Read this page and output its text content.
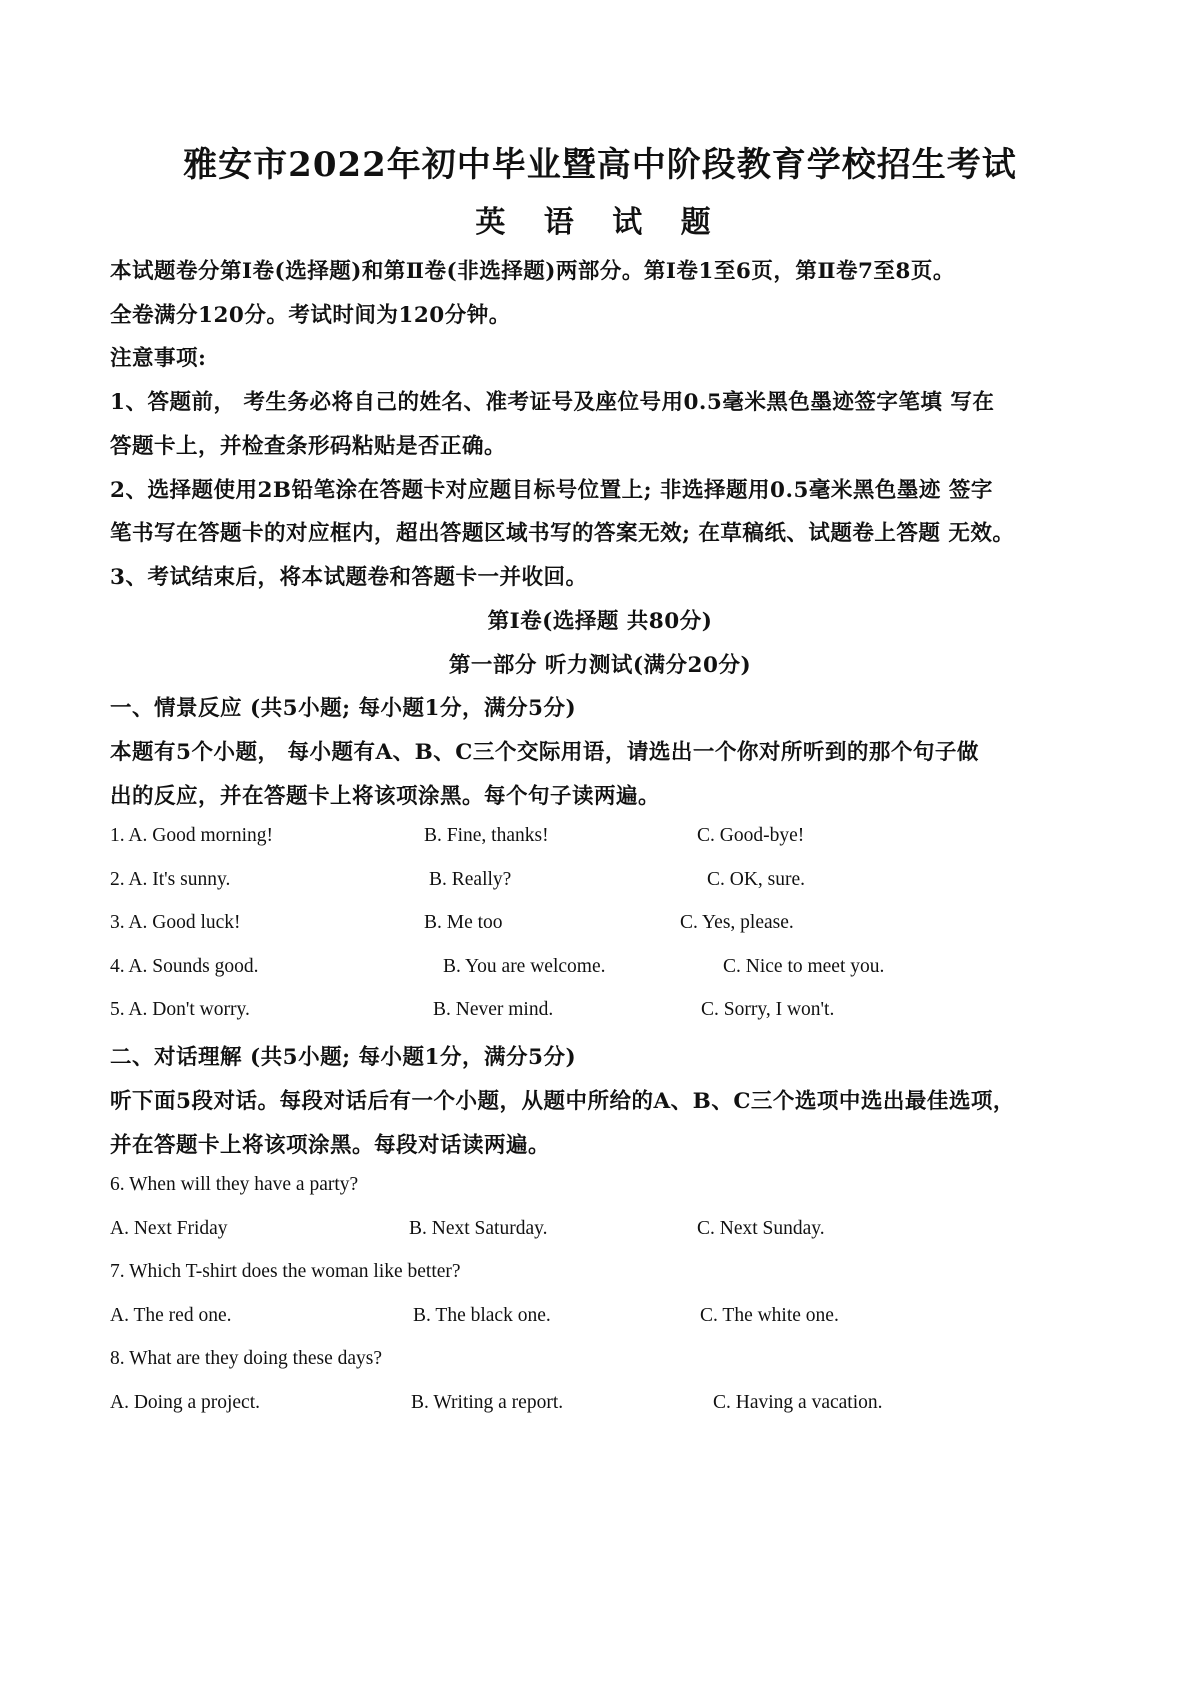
雅安市2022年初中毕业暨高中阶段教育学校招生考试
英 语 试 题
本试题卷分第Ⅰ卷(选择题)和第Ⅱ卷(非选择题)两部分。第Ⅰ卷1至6页，第Ⅱ卷7至8页。
全卷满分120分。考试时间为120分钟。
注意事项:
1、答题前， 考生务必将自己的姓名、准考证号及座位号用0.5毫米黑色墨迹签字笔填 写在
答题卡上，并检查条形码粘贴是否正确。
2、选择题使用2B铅笔涂在答题卡对应题目标号位置上; 非选择题用0.5毫米黑色墨迹 签字
笔书写在答题卡的对应框内，超出答题区域书写的答案无效; 在草稿纸、试题卷上答题 无效。
3、考试结束后，将本试题卷和答题卡一并收回。
第I卷(选择题 共80分)
第一部分 听力测试(满分20分)
一、情景反应 (共5小题; 每小题1分，满分5分)
本题有5个小题， 每小题有A、B、C三个交际用语，请选出一个你对所听到的那个句子做
出的反应，并在答题卡上将该项涂黑。每个句子读两遍。
1. A. Good morning!	B. Fine, thanks!	C. Good-bye!
2. A. It's sunny.	B. Really?	C. OK, sure.
3. A. Good luck!	B. Me too	C. Yes, please.
4. A. Sounds good.	B. You are welcome.	C. Nice to meet you.
5. A. Don't worry.	B. Never mind.	C. Sorry, I won't.
二、对话理解 (共5小题; 每小题1分，满分5分)
听下面5段对话。每段对话后有一个小题，从题中所给的A、B、C三个选项中选出最佳选项，
并在答题卡上将该项涂黑。每段对话读两遍。
6. When will they have a party?
A. Next Friday	B. Next Saturday.	C. Next Sunday.
7. Which T-shirt does the woman like better?
A. The red one.	B. The black one.	C. The white one.
8. What are they doing these days?
A. Doing a project.	B. Writing a report.	C. Having a vacation.
